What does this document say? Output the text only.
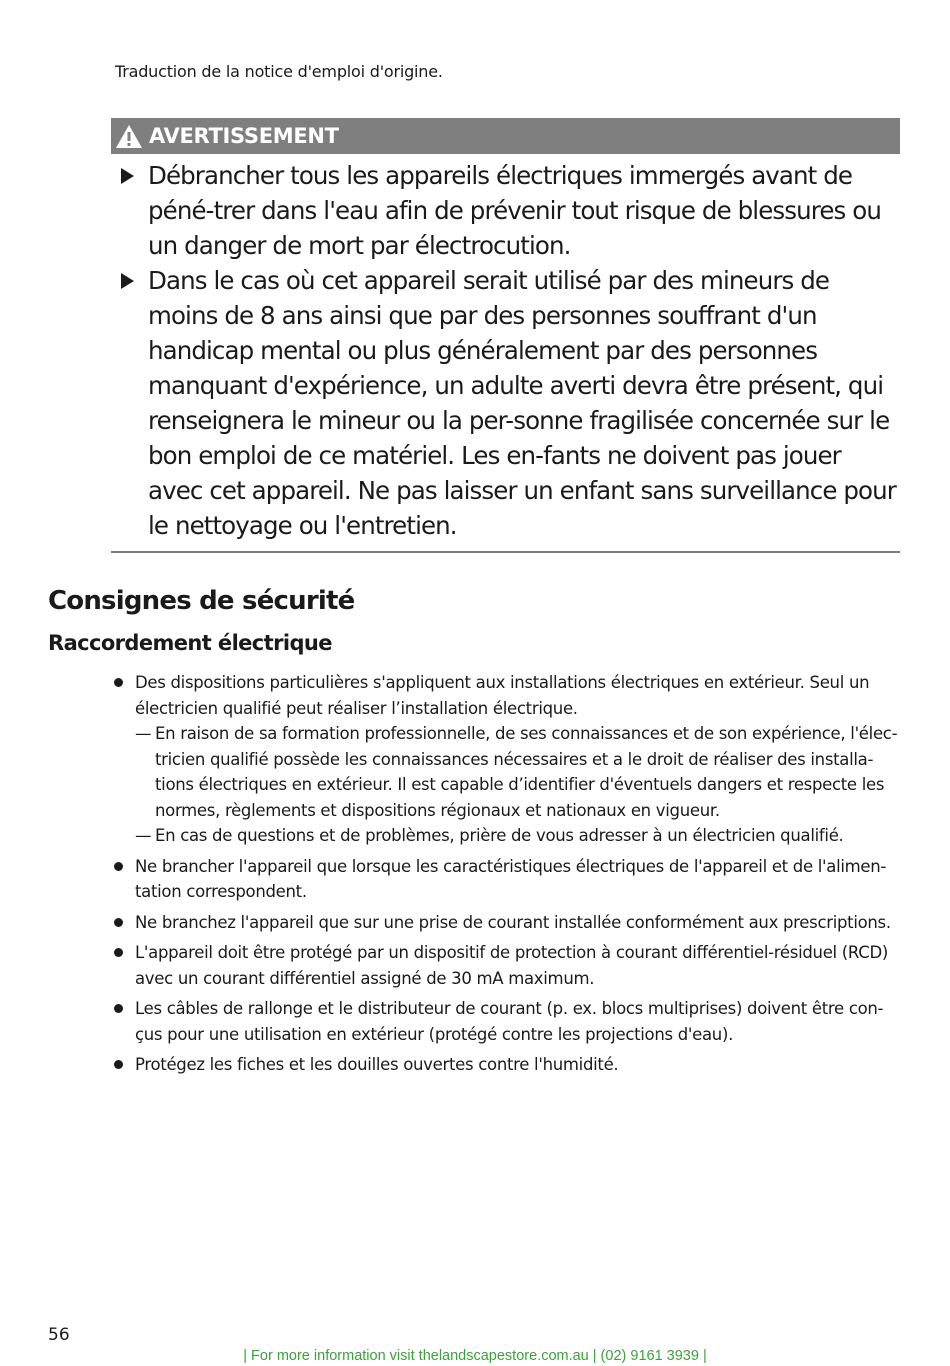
Traduction de la notice d'emploi d'origine.
AVERTISSEMENT
Débrancher tous les appareils électriques immergés avant de péné-trer dans l'eau afin de prévenir tout risque de blessures ou un danger de mort par électrocution.
Dans le cas où cet appareil serait utilisé par des mineurs de moins de 8 ans ainsi que par des personnes souffrant d'un handicap mental ou plus généralement par des personnes manquant d'expérience, un adulte averti devra être présent, qui renseignera le mineur ou la per-sonne fragilisée concernée sur le bon emploi de ce matériel. Les en-fants ne doivent pas jouer avec cet appareil. Ne pas laisser un enfant sans surveillance pour le nettoyage ou l'entretien.
Consignes de sécurité
Raccordement électrique
Des dispositions particulières s'appliquent aux installations électriques en extérieur. Seul un électricien qualifié peut réaliser l’installation électrique.
— En raison de sa formation professionnelle, de ses connaissances et de son expérience, l'élec-tricien qualifié possède les connaissances nécessaires et a le droit de réaliser des installa-tions électriques en extérieur. Il est capable d’identifier d'éventuels dangers et respecte les normes, règlements et dispositions régionaux et nationaux en vigueur.
— En cas de questions et de problèmes, prière de vous adresser à un électricien qualifié.
Ne brancher l'appareil que lorsque les caractéristiques électriques de l'appareil et de l'alimen-tation correspondent.
Ne branchez l'appareil que sur une prise de courant installée conformément aux prescriptions.
L'appareil doit être protégé par un dispositif de protection à courant différentiel-résiduel (RCD) avec un courant différentiel assigné de 30 mA maximum.
Les câbles de rallonge et le distributeur de courant (p. ex. blocs multiprises) doivent être con-çus pour une utilisation en extérieur (protégé contre les projections d'eau).
Protégez les fiches et les douilles ouvertes contre l'humidité.
56
| For more information visit thelandscapestore.com.au | (02) 9161 3939 |
